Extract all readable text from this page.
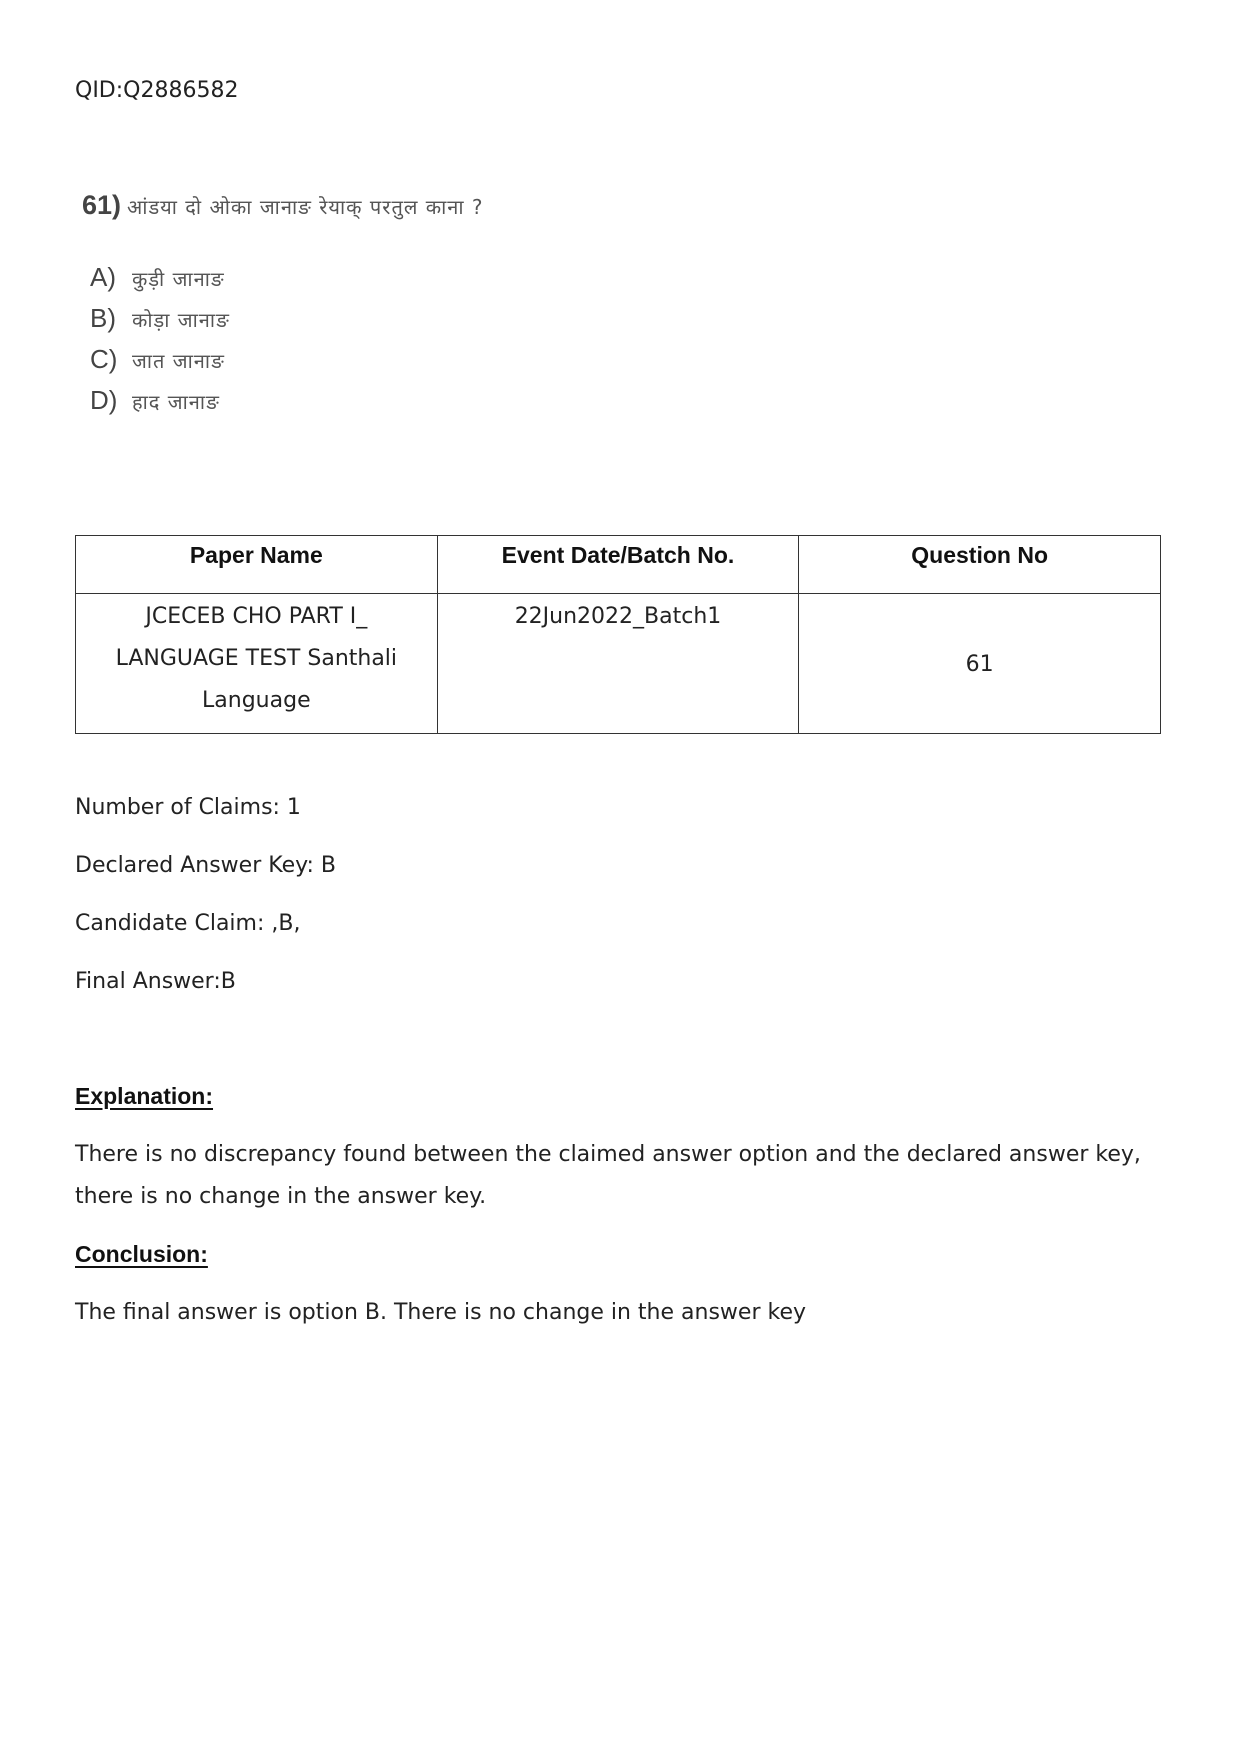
QID:Q2886582
61) आंडया दो ओका जानाङ रेयाक् परतुल काना ?
A) कुड़ी जानाङ
B) कोड़ा जानाङ
C) जात जानाङ
D) हाद जानाङ
Paper Name	Event Date/Batch No.	Question No
JCECEB CHO PART I_ LANGUAGE TEST Santhali Language	22Jun2022_Batch1	61
Number of Claims: 1
Declared Answer Key: B
Candidate Claim: ,B,
Final Answer:B
Explanation:
There is no discrepancy found between the claimed answer option and the declared answer key, there is no change in the answer key.
Conclusion:
The final answer is option B. There is no change in the answer key
